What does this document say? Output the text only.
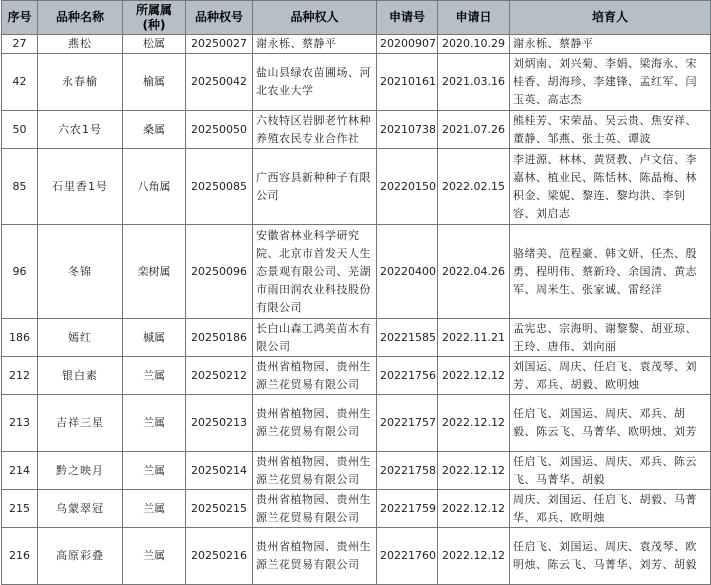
序号	品种名称	所属属(种)	品种权号	品种权人	申请号	申请日	培育人
27	燕松	松属	20250027	谢永栎、蔡静平	20200907	2020.10.29	谢永栎、蔡静平
42	永春榆	榆属	20250042	盐山县绿农苗圃场、河北农业大学	20210161	2021.03.16	刘炳南、刘兴菊、李娟、梁海永、宋桂香、胡海珍、李建锋、孟红军、闫玉英、高志杰
50	六农1号	桑属	20250050	六枝特区岩脚老竹林种养殖农民专业合作社	20210738	2021.07.26	熊桂芳、宋荣晶、吴云贵、焦安祥、董静、邹燕、张士英、谭波
85	石里香1号	八角属	20250085	广西容县新种种子有限公司	20220150	2022.02.15	李进源、林林、黄贤教、卢文信、李嘉林、植业民、陈恬林、陈晶梅、林积金、梁妮、黎连、黎均洪、李钊容、刘启志
96	冬锦	栾树属	20250096	安徽省林业科学研究院、北京市首发天人生态景观有限公司、芜湖市雨田润农业科技股份有限公司	20220400	2022.04.26	骆绪美、范程豪、韩文妍、任杰、殷勇、程明伟、蔡新玲、余国清、黄志军、周米生、张家诚、雷经洋
186	嫣红	槭属	20250186	长白山森工鸿美苗木有限公司	20221585	2022.11.21	孟宪忠、宗海明、谢黎黎、胡亚琼、王玲、唐伟、刘向丽
212	银白素	兰属	20250212	贵州省植物园、贵州生源兰花贸易有限公司	20221756	2022.12.12	刘国运、周庆、任启飞、袁茂琴、刘芳、邓兵、胡毅、欧明烛
213	吉祥三星	兰属	20250213	贵州省植物园、贵州生源兰花贸易有限公司	20221757	2022.12.12	任启飞、刘国运、周庆、邓兵、胡毅、陈云飞、马菁华、欧明烛、刘芳
214	黔之映月	兰属	20250214	贵州省植物园、贵州生源兰花贸易有限公司	20221758	2022.12.12	任启飞、刘国运、周庆、邓兵、陈云飞、马菁华、胡毅
215	乌蒙翠冠	兰属	20250215	贵州省植物园、贵州生源兰花贸易有限公司	20221759	2022.12.12	周庆、刘国运、任启飞、胡毅、马菁华、邓兵、欧明烛
216	高原彩叠	兰属	20250216	贵州省植物园、贵州生源兰花贸易有限公司	20221760	2022.12.12	任启飞、刘国运、周庆、袁茂琴、欧明烛、陈云飞、马菁华、刘芳、胡毅
